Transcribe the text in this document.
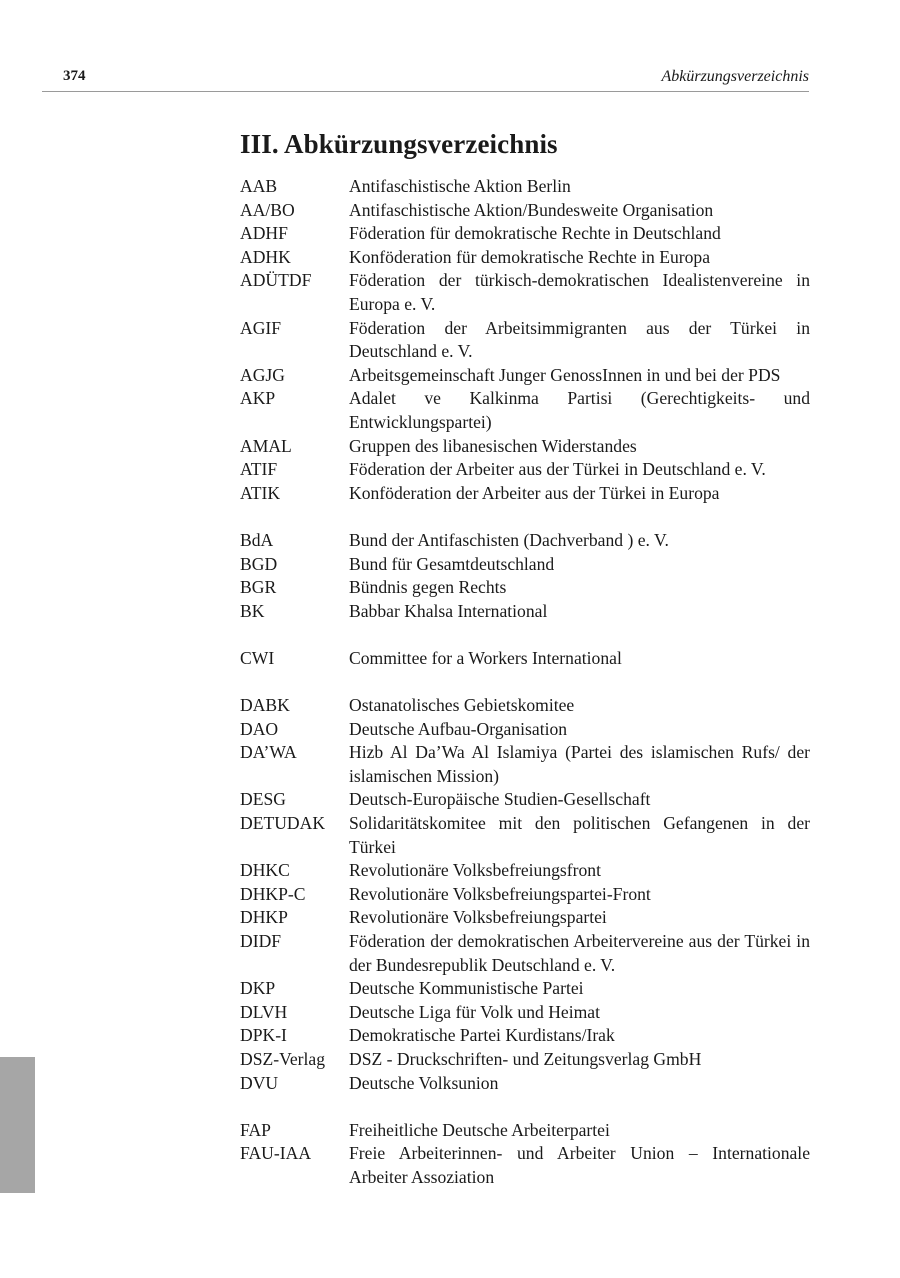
374	Abkürzungsverzeichnis
III. Abkürzungsverzeichnis
AAB	Antifaschistische Aktion Berlin
AA/BO	Antifaschistische Aktion/Bundesweite Organisation
ADHF	Föderation für demokratische Rechte in Deutschland
ADHK	Konföderation für demokratische Rechte in Europa
ADÜTDF	Föderation der türkisch-demokratischen Idealistenvereine in Europa e. V.
AGIF	Föderation der Arbeitsimmigranten aus der Türkei in Deutschland e. V.
AGJG	Arbeitsgemeinschaft Junger GenossInnen in und bei der PDS
AKP	Adalet ve Kalkinma Partisi (Gerechtigkeits- und Entwicklungspartei)
AMAL	Gruppen des libanesischen Widerstandes
ATIF	Föderation der Arbeiter aus der Türkei in Deutschland e. V.
ATIK	Konföderation der Arbeiter aus der Türkei in Europa
BdA	Bund der Antifaschisten (Dachverband ) e. V.
BGD	Bund für Gesamtdeutschland
BGR	Bündnis gegen Rechts
BK	Babbar Khalsa International
CWI	Committee for a Workers International
DABK	Ostanatolisches Gebietskomitee
DAO	Deutsche Aufbau-Organisation
DA’WA	Hizb Al Da’Wa Al Islamiya (Partei des islamischen Rufs/ der islamischen Mission)
DESG	Deutsch-Europäische Studien-Gesellschaft
DETUDAK	Solidaritätskomitee mit den politischen Gefangenen in der Türkei
DHKC	Revolutionäre Volksbefreiungsfront
DHKP-C	Revolutionäre Volksbefreiungspartei-Front
DHKP	Revolutionäre Volksbefreiungspartei
DIDF	Föderation der demokratischen Arbeitervereine aus der Türkei in der Bundesrepublik Deutschland e. V.
DKP	Deutsche Kommunistische Partei
DLVH	Deutsche Liga für Volk und Heimat
DPK-I	Demokratische Partei Kurdistans/Irak
DSZ-Verlag	DSZ - Druckschriften- und Zeitungsverlag GmbH
DVU	Deutsche Volksunion
FAP	Freiheitliche Deutsche Arbeiterpartei
FAU-IAA	Freie Arbeiterinnen- und Arbeiter Union – Internationale Arbeiter Assoziation
